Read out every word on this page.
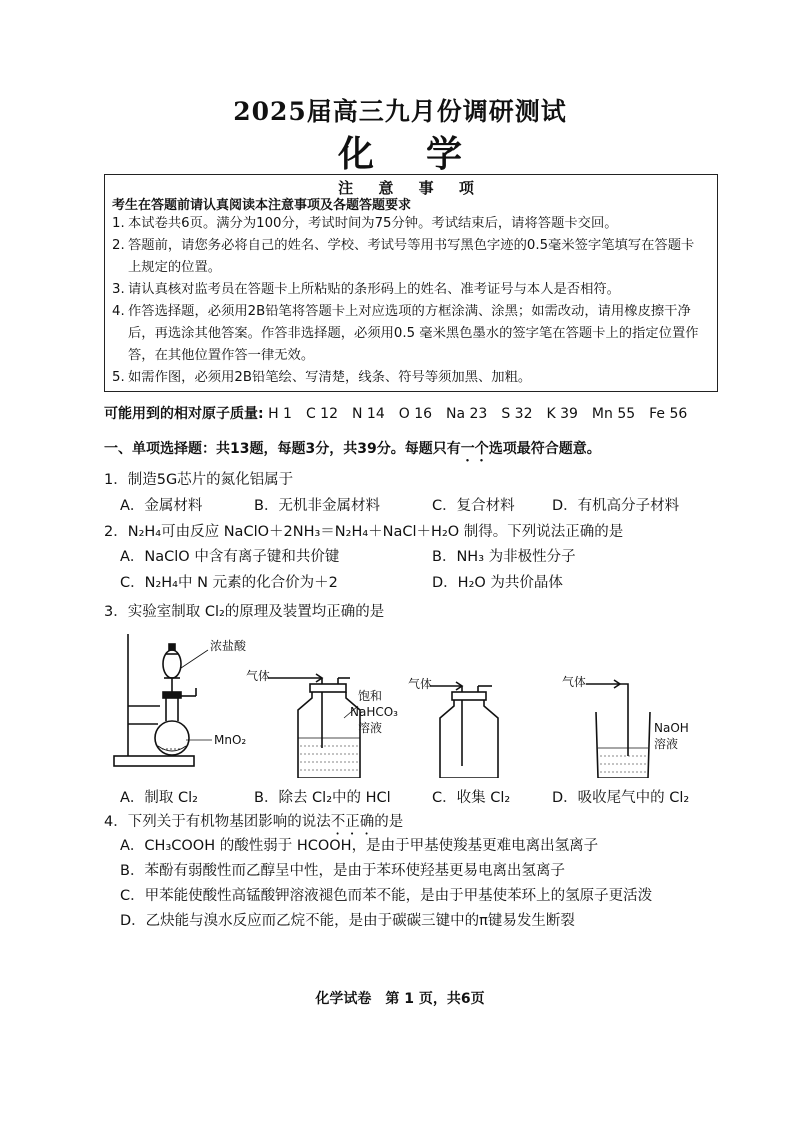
2025届高三九月份调研测试
化学
注 意 事 项
考生在答题前请认真阅读本注意事项及各题答题要求
1. 本试卷共6页。满分为100分，考试时间为75分钟。考试结束后，请将答题卡交回。
2. 答题前，请您务必将自己的姓名、学校、考试号等用书写黑色字迹的0.5毫米签字笔填写在答题卡上规定的位置。
3. 请认真核对监考员在答题卡上所粘贴的条形码上的姓名、准考证号与本人是否相符。
4. 作答选择题，必须用2B铅笔将答题卡上对应选项的方框涂满、涂黑；如需改动，请用橡皮擦干净后，再选涂其他答案。作答非选择题，必须用0.5 毫米黑色墨水的签字笔在答题卡上的指定位置作答，在其他位置作答一律无效。
5. 如需作图，必须用2B铅笔绘、写清楚，线条、符号等须加黑、加粗。
可能用到的相对原子质量: H 1　C 12　N 14　O 16　Na 23　S 32　K 39　Mn 55　Fe 56
一、单项选择题：共13题，每题3分，共39分。每题只有一个选项最符合题意。
1．制造5G芯片的氮化铝属于
A．金属材料	B．无机非金属材料	C．复合材料	D．有机高分子材料
2．N₂H₄可由反应 NaClO＋2NH₃＝N₂H₄＋NaCl＋H₂O 制得。下列说法正确的是
A．NaClO 中含有离子键和共价键	B．NH₃ 为非极性分子
C．N₂H₄中 N 元素的化合价为＋2	D．H₂O 为共价晶体
3．实验室制取 Cl₂的原理及装置均正确的是
浓盐酸
MnO₂
气体
饱和
NaHCO₃
溶液
气体	气体
NaOH
溶液
A．制取 Cl₂	B．除去 Cl₂中的 HCl	C．收集 Cl₂	D．吸收尾气中的 Cl₂
4．下列关于有机物基团影响的说法不正确的是
A．CH₃COOH 的酸性弱于 HCOOH，是由于甲基使羧基更难电离出氢离子
B．苯酚有弱酸性而乙醇呈中性，是由于苯环使羟基更易电离出氢离子
C．甲苯能使酸性高锰酸钾溶液褪色而苯不能，是由于甲基使苯环上的氢原子更活泼
D．乙炔能与溴水反应而乙烷不能，是由于碳碳三键中的π键易发生断裂
化学试卷　第 1 页，共6页
